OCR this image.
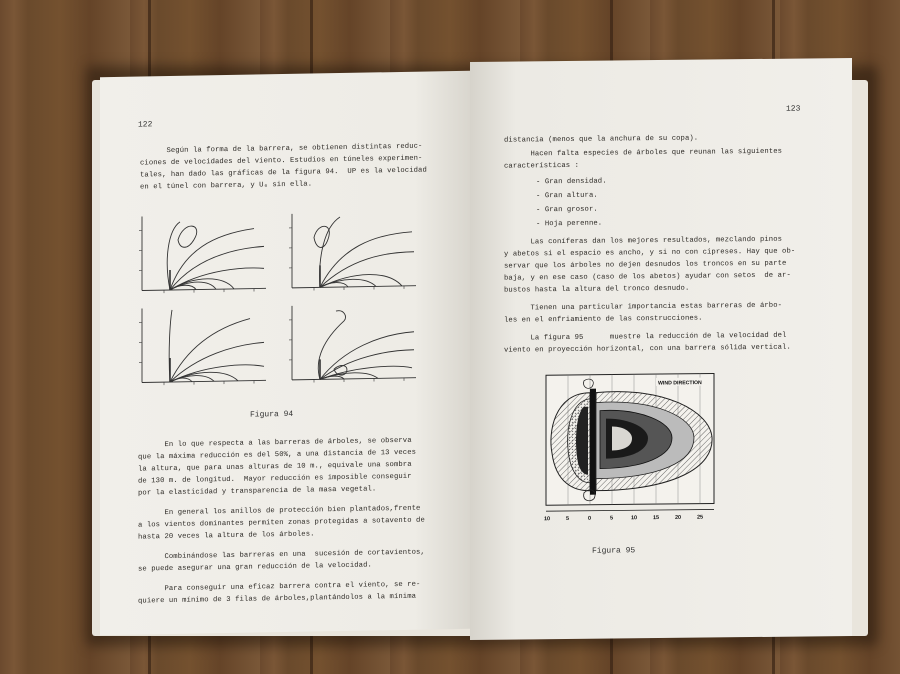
122
Según la forma de la barrera, se obtienen distintas reduc-
ciones de velocidades del viento. Estudios en túneles experimen-
tales, han dado las gráficas de la figura 94.  UP es la velocidad
en el túnel con barrera, y U₀ sin ella.
Figura 94
En lo que respecta a las barreras de árboles, se observa
que la máxima reducción es del 50%, a una distancia de 13 veces
la altura, que para unas alturas de 10 m., equivale una sombra
de 130 m. de longitud.  Mayor reducción es imposible conseguir
por la elasticidad y transparencia de la masa vegetal.
En general los anillos de protección bien plantados,frente
a los vientos dominantes permiten zonas protegidas a sotavento de
hasta 20 veces la altura de los árboles.
Combinándose las barreras en una  sucesión de cortavientos,
se puede asegurar una gran reducción de la velocidad.
Para conseguir una eficaz barrera contra el viento, se re-
quiere un mínimo de 3 filas de árboles,plantándolos a la mínima
123
distancia (menos que la anchura de su copa).
Hacen falta especies de árboles que reunan las siguientes
características :
- Gran densidad.
- Gran altura.
- Gran grosor.
- Hoja perenne.
Las coníferas dan los mejores resultados, mezclando pinos
y abetos si el espacio es ancho, y si no con cipreses. Hay que ob-
servar que los árboles no dejen desnudos los troncos en su parte
baja, y en ese caso (caso de los abetos) ayudar con setos  de ar-
bustos hasta la altura del tronco desnudo.
Tienen una particular importancia estas barreras de árbo-
les en el enfriamiento de las construcciones.
La figura 95      muestre la reducción de la velocidad del
viento en proyección horizontal, con una barrera sólida vertical.
WIND DIRECTION
10	5	0	5	10	15	20	25
Figura 95
